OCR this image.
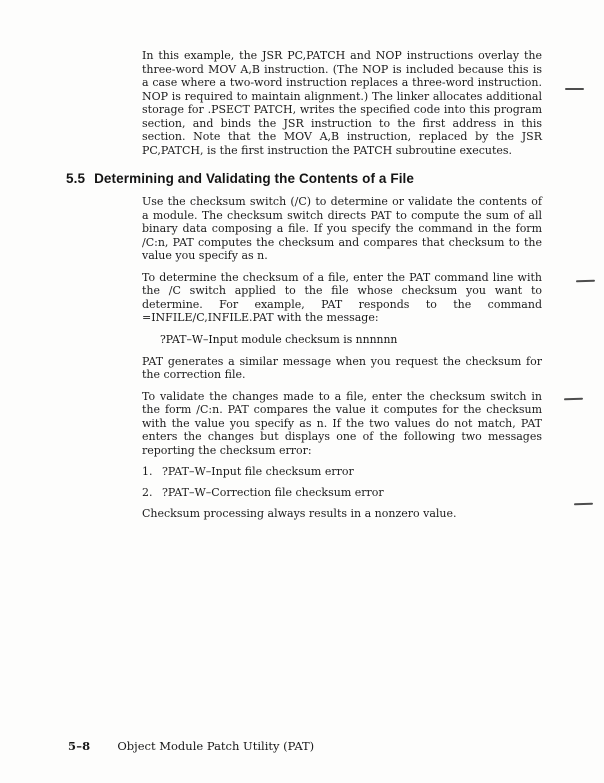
In this example, the JSR PC,PATCH and NOP instructions overlay the three-word MOV A,B instruction. (The NOP is included because this is a case where a two-word instruction replaces a three-word instruction. NOP is required to maintain alignment.) The linker allocates additional storage for .PSECT PATCH, writes the specified code into this program section, and binds the JSR instruction to the first address in this section. Note that the MOV A,B instruction, replaced by the JSR PC,PATCH, is the first instruction the PATCH subroutine executes.

5.5 Determining and Validating the Contents of a File

Use the checksum switch (/C) to determine or validate the contents of a module. The checksum switch directs PAT to compute the sum of all binary data composing a file. If you specify the command in the form /C:n, PAT computes the checksum and compares that checksum to the value you specify as n.

To determine the checksum of a file, enter the PAT command line with the /C switch applied to the file whose checksum you want to determine. For example, PAT responds to the command =INFILE/C,INFILE.PAT with the message:

?PAT–W–Input module checksum is nnnnnn

PAT generates a similar message when you request the checksum for the correction file.

To validate the changes made to a file, enter the checksum switch in the form /C:n. PAT compares the value it computes for the checksum with the value you specify as n. If the two values do not match, PAT enters the changes but displays one of the following two messages reporting the checksum error:

1. ?PAT–W–Input file checksum error
2. ?PAT–W–Correction file checksum error

Checksum processing always results in a nonzero value.

5–8 Object Module Patch Utility (PAT)
